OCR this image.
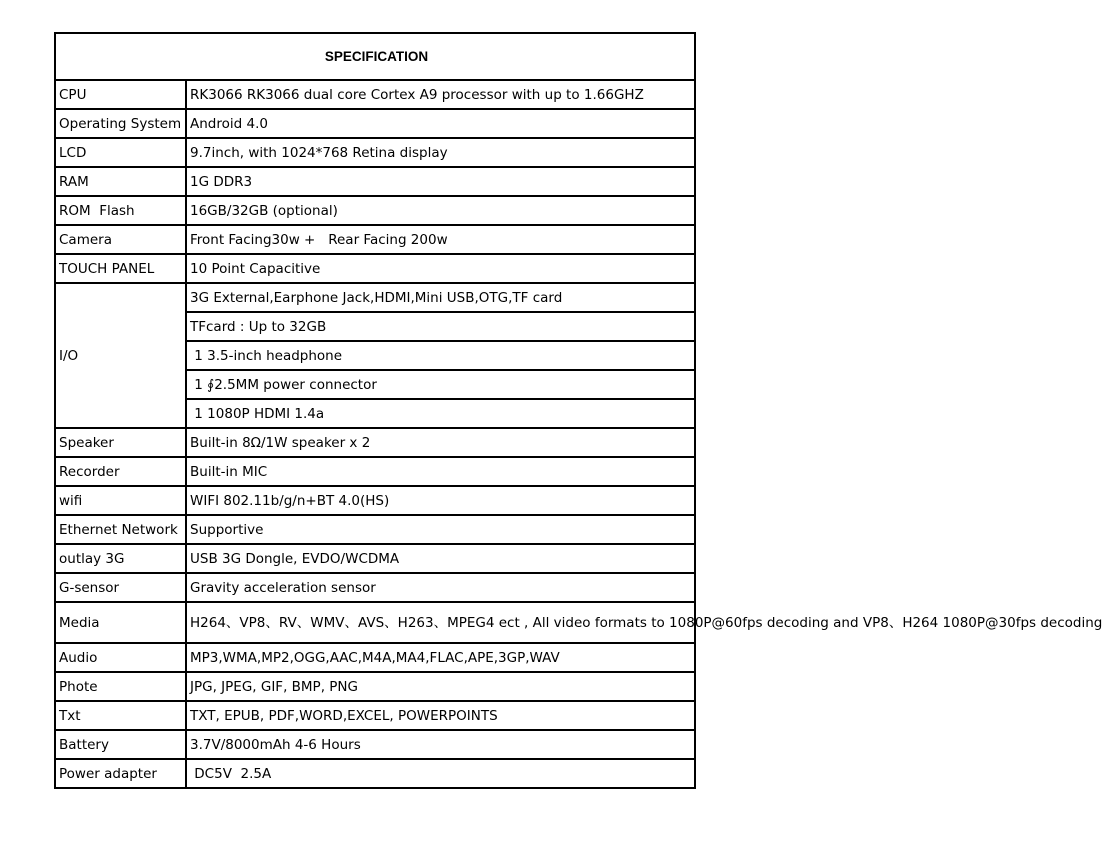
SPECIFICATION	
CPU	RK3066 RK3066 dual core Cortex A9 processor with up to 1.66GHZ
Operating System	Android 4.0
LCD	9.7inch, with 1024*768 Retina display
RAM	1G DDR3
ROM  Flash	16GB/32GB (optional)
Camera	Front Facing30w +   Rear Facing 200w
TOUCH PANEL	10 Point Capacitive
I/O	3G External,Earphone Jack,HDMI,Mini USB,OTG,TF card
	TFcard : Up to 32GB
	1 3.5-inch headphone
	1 ∮2.5MM power connector
	1 1080P HDMI 1.4a
Speaker	Built-in 8Ω/1W speaker x 2
Recorder	Built-in MIC
wifi	WIFI 802.11b/g/n+BT 4.0(HS)
Ethernet Network	Supportive
outlay 3G	USB 3G Dongle, EVDO/WCDMA
G-sensor	Gravity acceleration sensor
Media	H264、VP8、RV、WMV、AVS、H263、MPEG4 ect , All video formats to 1080P@60fps decoding and VP8、H264 1080P@30fps decoding
Audio	MP3,WMA,MP2,OGG,AAC,M4A,MA4,FLAC,APE,3GP,WAV
Phote	JPG, JPEG, GIF, BMP, PNG
Txt	TXT, EPUB, PDF,WORD,EXCEL, POWERPOINTS
Battery	3.7V/8000mAh 4-6 Hours
Power adapter	DC5V  2.5A
